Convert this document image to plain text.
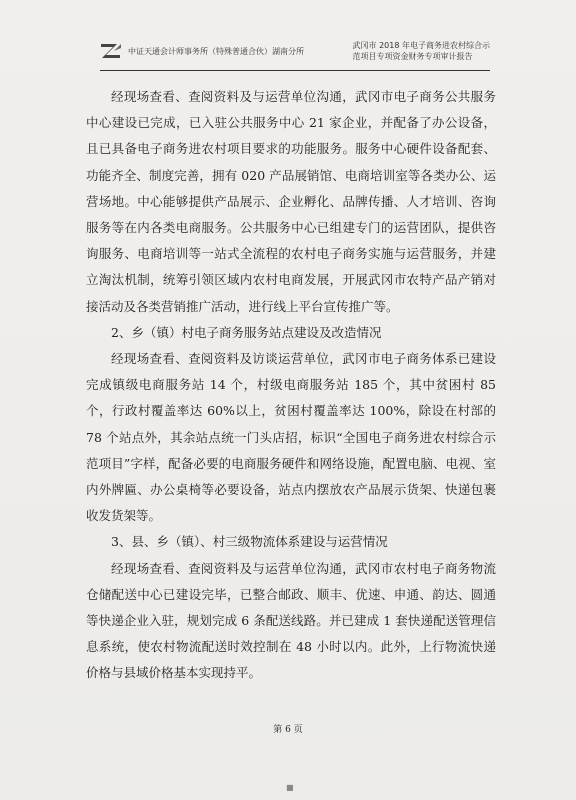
中证天通会计师事务所（特殊普通合伙）湖南分所
武冈市 2018 年电子商务进农村综合示
范项目专项资金财务专项审计报告

经现场查看、查阅资料及与运营单位沟通，武冈市电子商务公共服务中心建设已完成，已入驻公共服务中心 21 家企业，并配备了办公设备，且已具备电子商务进农村项目要求的功能服务。服务中心硬件设备配套、功能齐全、制度完善，拥有 020 产品展销馆、电商培训室等各类办公、运营场地。中心能够提供产品展示、企业孵化、品牌传播、人才培训、咨询服务等在内各类电商服务。公共服务中心已组建专门的运营团队，提供咨询服务、电商培训等一站式全流程的农村电子商务实施与运营服务，并建立淘汰机制，统筹引领区域内农村电商发展，开展武冈市农特产品产销对接活动及各类营销推广活动，进行线上平台宣传推广等。

2、乡（镇）村电子商务服务站点建设及改造情况

经现场查看、查阅资料及访谈运营单位，武冈市电子商务体系已建设完成镇级电商服务站 14 个，村级电商服务站 185 个，其中贫困村 85 个，行政村覆盖率达 60%以上，贫困村覆盖率达 100%，除设在村部的 78 个站点外，其余站点统一门头店招，标识“全国电子商务进农村综合示范项目”字样，配备必要的电商服务硬件和网络设施，配置电脑、电视、室内外牌匾、办公桌椅等必要设备，站点内摆放农产品展示货架、快递包裹收发货架等。

3、县、乡（镇）、村三级物流体系建设与运营情况

经现场查看、查阅资料及与运营单位沟通，武冈市农村电子商务物流仓储配送中心已建设完毕，已整合邮政、顺丰、优速、申通、韵达、圆通等快递企业入驻，规划完成 6 条配送线路。并已建成 1 套快递配送管理信息系统，使农村物流配送时效控制在 48 小时以内。此外，上行物流快递价格与县域价格基本实现持平。

第 6 页
■
